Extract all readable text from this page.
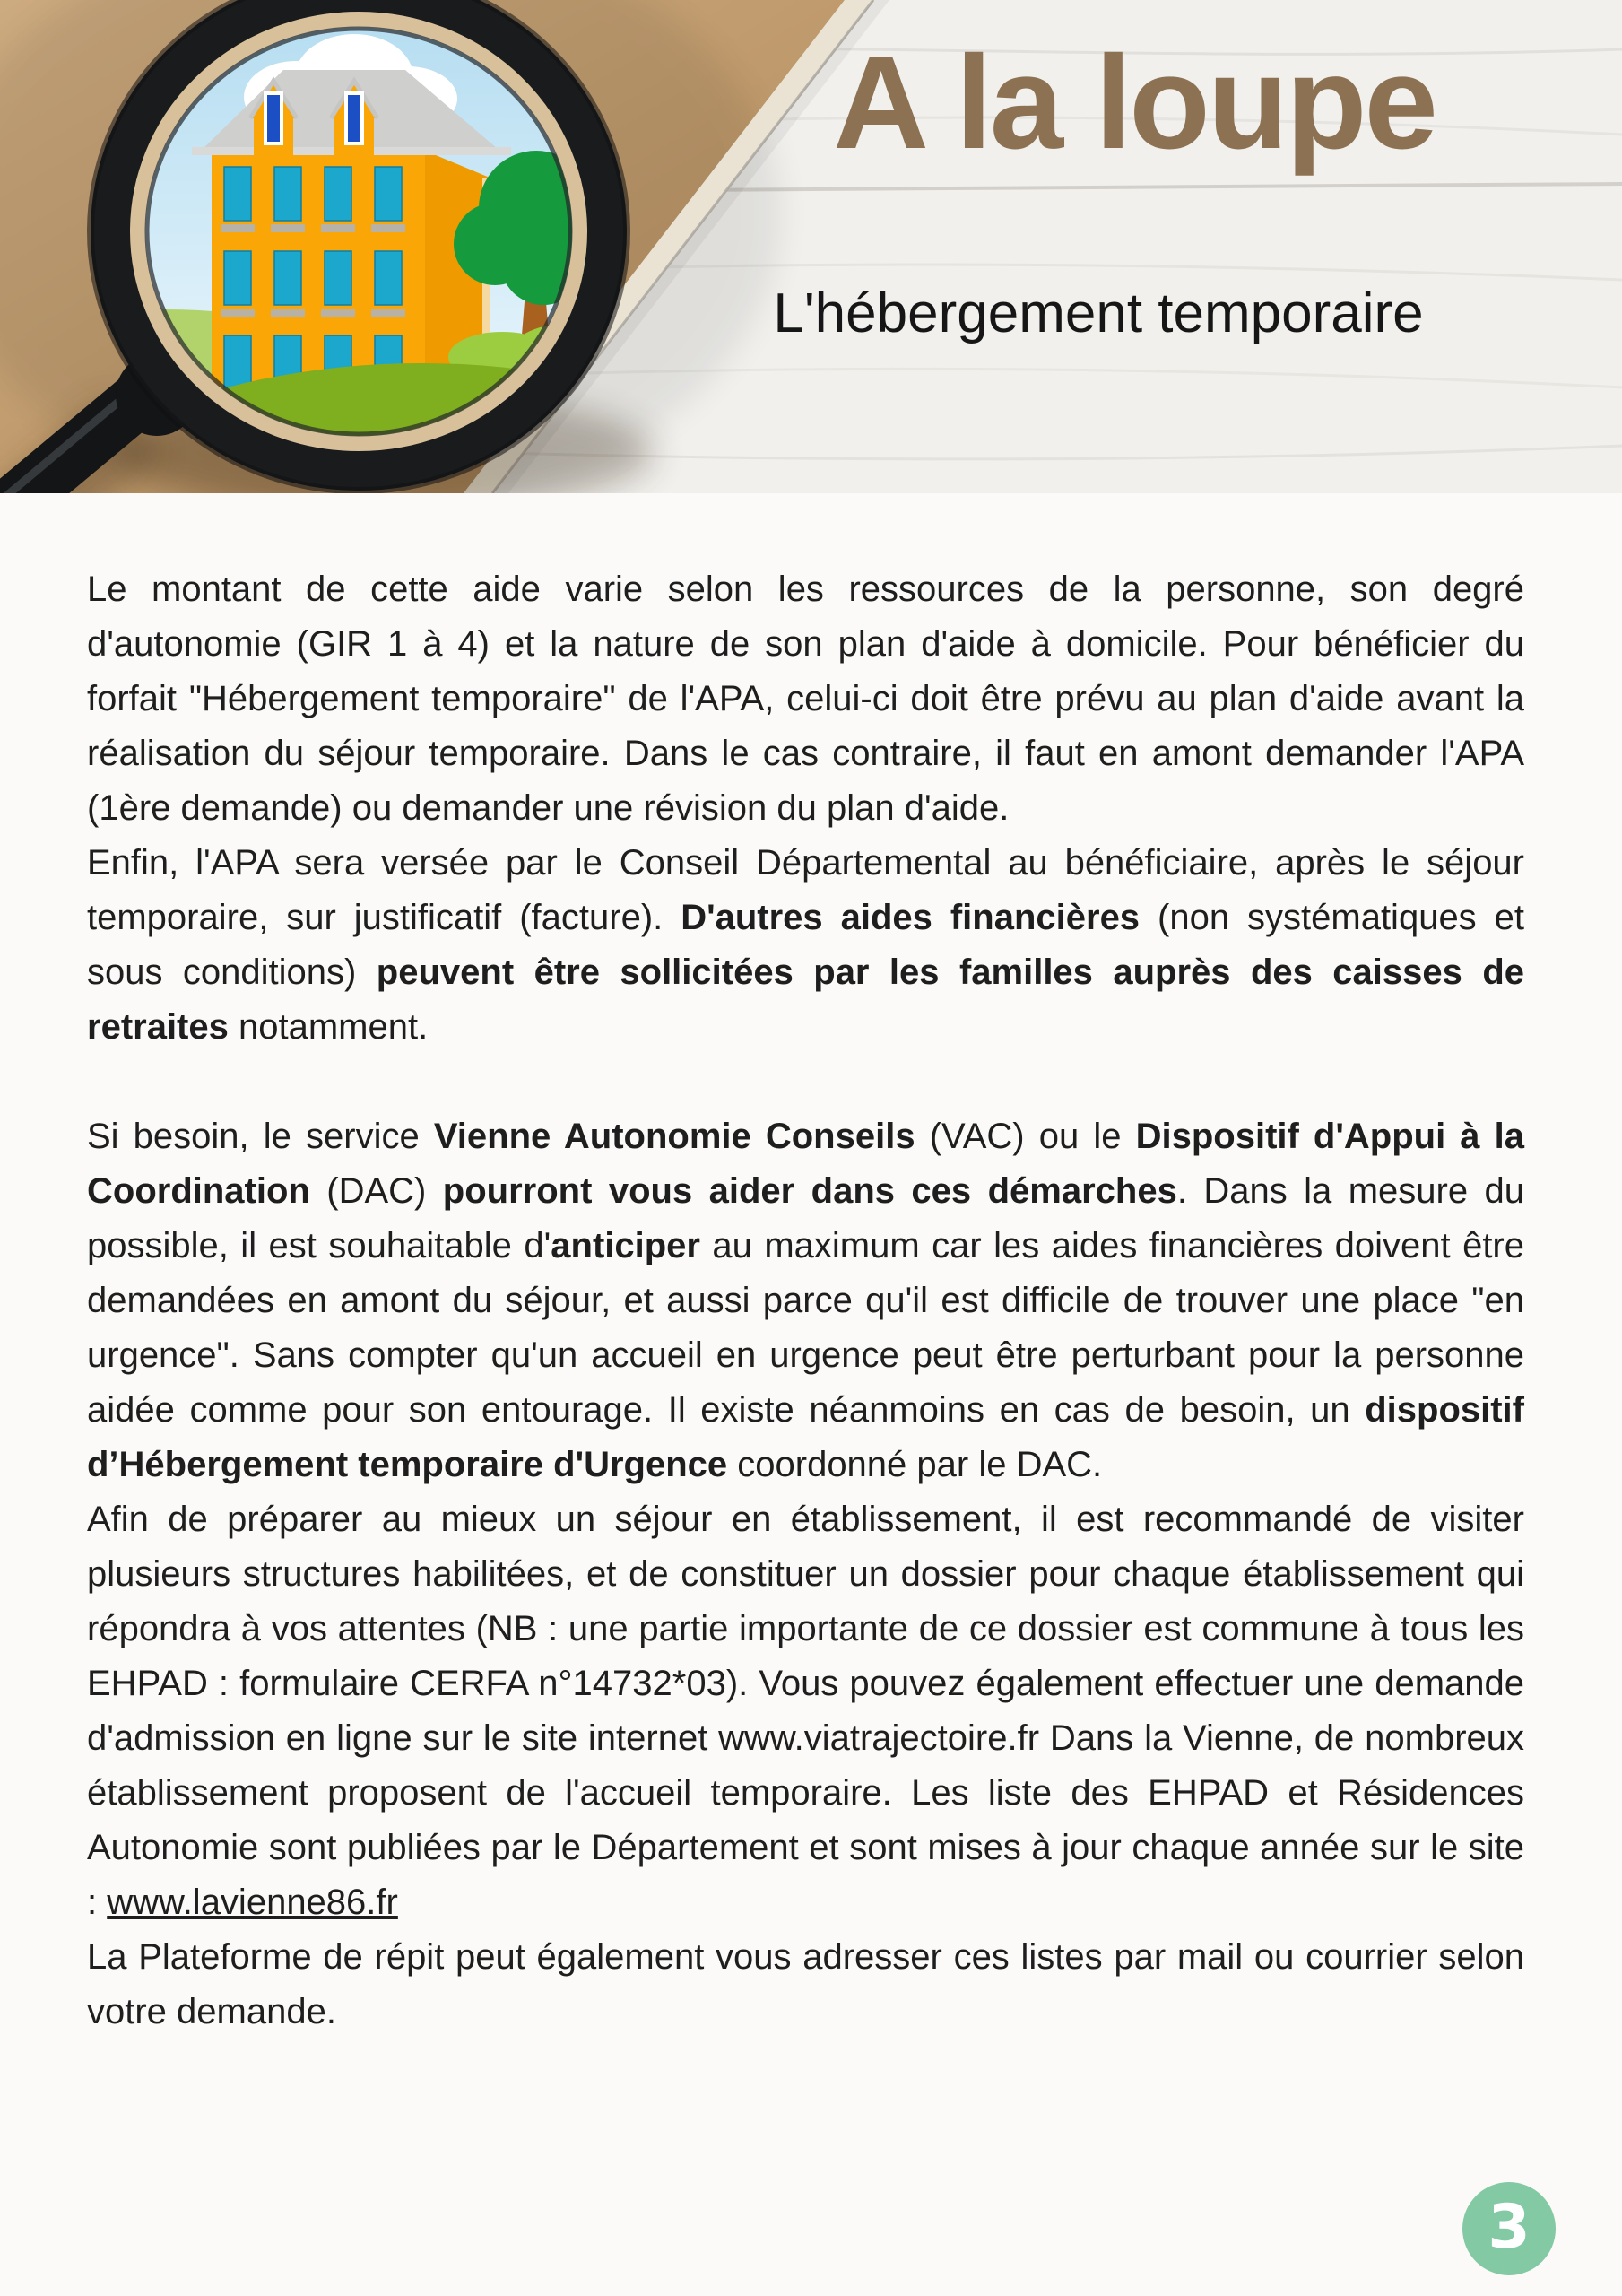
A la loupe
L'hébergement temporaire

Le montant de cette aide varie selon les ressources de la personne, son degré d'autonomie (GIR 1 à 4) et la nature de son plan d'aide à domicile. Pour bénéficier du forfait "Hébergement temporaire" de l'APA, celui-ci doit être prévu au plan d'aide avant la réalisation du séjour temporaire. Dans le cas contraire, il faut en amont demander l'APA (1ère demande) ou demander une révision du plan d'aide.

Enfin, l'APA sera versée par le Conseil Départemental au bénéficiaire, après le séjour temporaire, sur justificatif (facture). D'autres aides financières (non systématiques et sous conditions) peuvent être sollicitées par les familles auprès des caisses de retraites notamment.

Si besoin, le service Vienne Autonomie Conseils (VAC) ou le Dispositif d'Appui à la Coordination (DAC) pourront vous aider dans ces démarches. Dans la mesure du possible, il est souhaitable d'anticiper au maximum car les aides financières doivent être demandées en amont du séjour, et aussi parce qu'il est difficile de trouver une place "en urgence". Sans compter qu'un accueil en urgence peut être perturbant pour la personne aidée comme pour son entourage. Il existe néanmoins en cas de besoin, un dispositif d’Hébergement temporaire d'Urgence coordonné par le DAC.

Afin de préparer au mieux un séjour en établissement, il est recommandé de visiter plusieurs structures habilitées, et de constituer un dossier pour chaque établissement qui répondra à vos attentes (NB : une partie importante de ce dossier est commune à tous les EHPAD : formulaire CERFA n°14732*03). Vous pouvez également effectuer une demande d'admission en ligne sur le site internet www.viatrajectoire.fr Dans la Vienne, de nombreux établissement proposent de l'accueil temporaire. Les liste des EHPAD et Résidences Autonomie sont publiées par le Département et sont mises à jour chaque année sur le site : www.lavienne86.fr

La Plateforme de répit peut également vous adresser ces listes par mail ou courrier selon votre demande.

3
